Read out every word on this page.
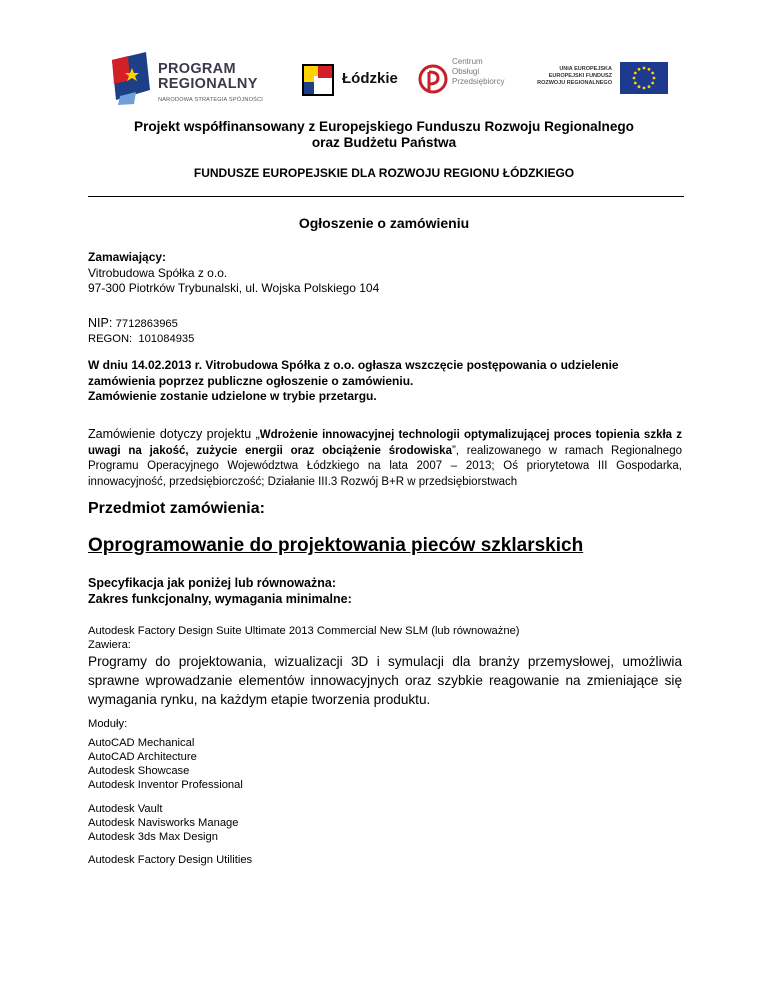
PROGRAM
REGIONALNY
NARODOWA STRATEGIA SPÓJNOŚCI
Łódzkie
Centrum
Obsługi
Przedsiębiorcy
UNIA EUROPEJSKA
EUROPEJSKI FUNDUSZ
ROZWOJU REGIONALNEGO
Projekt współfinansowany z Europejskiego Funduszu Rozwoju Regionalnego
oraz Budżetu Państwa
FUNDUSZE EUROPEJSKIE DLA ROZWOJU REGIONU ŁÓDZKIEGO
Ogłoszenie o zamówieniu
Zamawiający:
Vitrobudowa Spółka z o.o.
97-300 Piotrków Trybunalski, ul. Wojska Polskiego 104
NIP: 7712863965
REGON: 101084935
W dniu 14.02.2013 r. Vitrobudowa Spółka z o.o. ogłasza wszczęcie postępowania o udzielenie
zamówienia poprzez publiczne ogłoszenie o zamówieniu.
Zamówienie zostanie udzielone w trybie przetargu.
Zamówienie dotyczy projektu „Wdrożenie innowacyjnej technologii optymalizującej proces topienia szkła z uwagi na jakość, zużycie energii oraz obciążenie środowiska”, realizowanego w ramach Regionalnego Programu Operacyjnego Województwa Łódzkiego na lata 2007 – 2013; Oś priorytetowa III Gospodarka, innowacyjność, przedsiębiorczość; Działanie III.3 Rozwój B+R w przedsiębiorstwach
Przedmiot zamówienia:
Oprogramowanie do projektowania pieców szklarskich
Specyfikacja jak poniżej lub równoważna:
Zakres funkcjonalny, wymagania minimalne:
Autodesk Factory Design Suite Ultimate 2013 Commercial New SLM (lub równoważne)
Zawiera:
Programy do projektowania, wizualizacji 3D i symulacji dla branży przemysłowej, umożliwia sprawne wprowadzanie elementów innowacyjnych oraz szybkie reagowanie na zmieniające się wymagania rynku, na każdym etapie tworzenia produktu.
Moduły:
AutoCAD Mechanical
AutoCAD Architecture
Autodesk Showcase
Autodesk Inventor Professional
Autodesk Vault
Autodesk Navisworks Manage
Autodesk 3ds Max Design
Autodesk Factory Design Utilities
